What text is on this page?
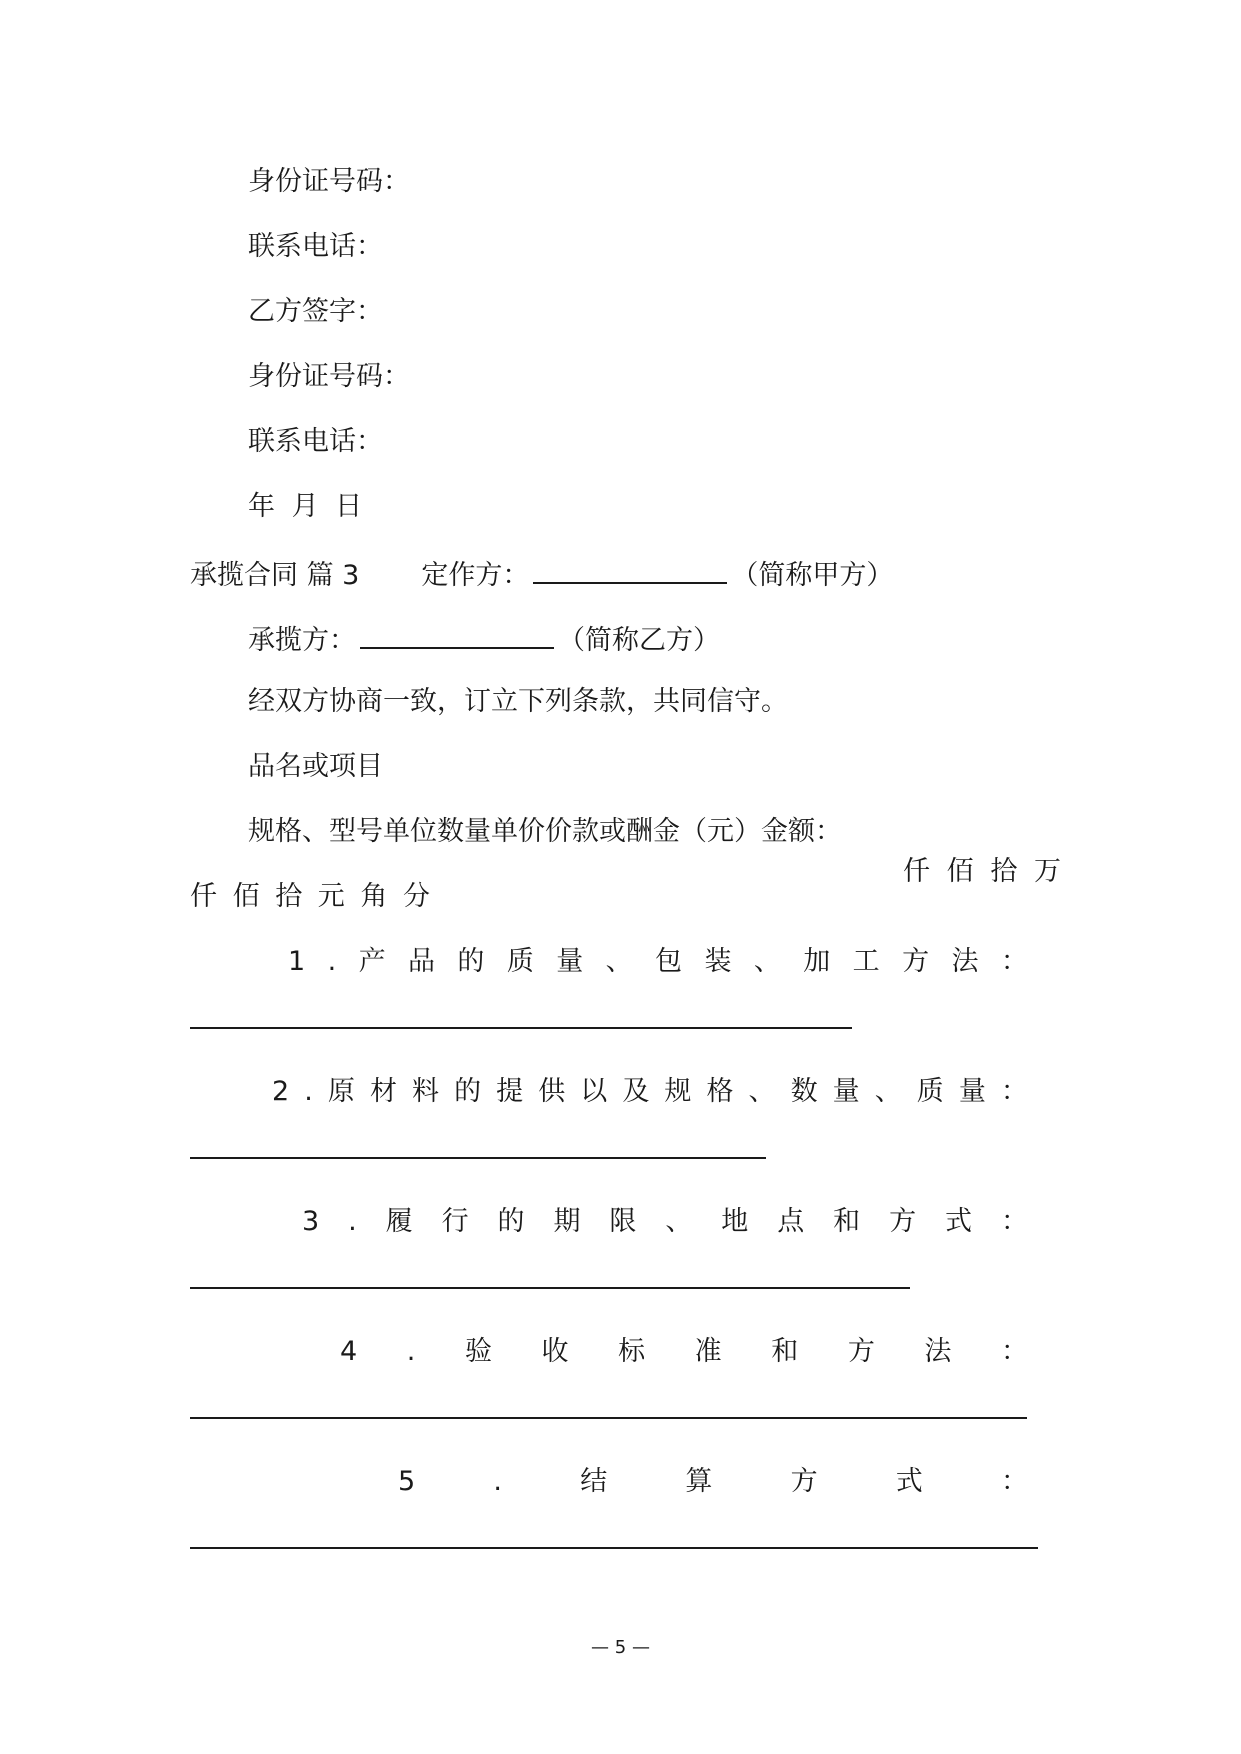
身份证号码：
联系电话：
乙方签字：
身份证号码：
联系电话：
年 月 日
承揽合同 篇 3 定作方：	（简称甲方）
承揽方：	（简称乙方）
经双方协商一致，订立下列条款，共同信守。
品名或项目
规格、型号单位数量单价价款或酬金（元）金额：
仟 佰 拾 万
仟 佰 拾 元 角 分
1 . 产 品 的 质 量 、 包 装 、 加 工 方 法 ：
2 . 原 材 料 的 提 供 以 及 规 格 、 数 量 、 质 量 ：
3 . 履 行 的 期 限 、 地 点 和 方 式 ：
4 . 验 收 标 准 和 方 法 ：
5	.	结	算	方	式	：
— 5 —
